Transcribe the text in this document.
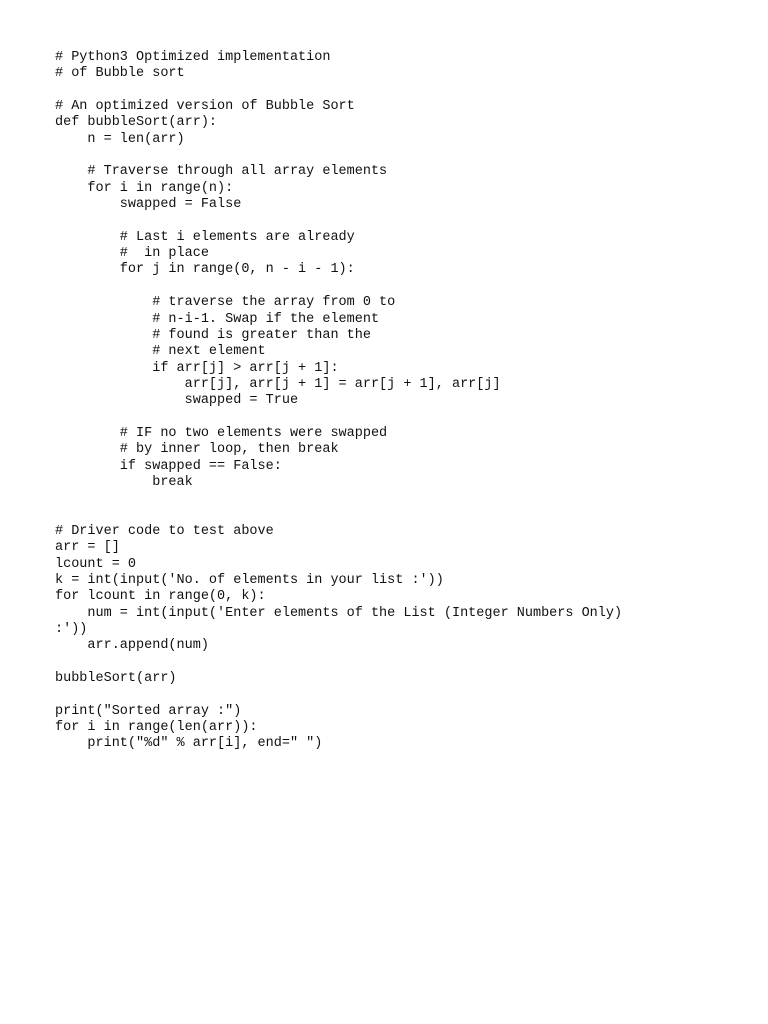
# Python3 Optimized implementation
# of Bubble sort
# An optimized version of Bubble Sort
def bubbleSort(arr):
n = len(arr)
# Traverse through all array elements
for i in range(n):
swapped = False
# Last i elements are already
#  in place
for j in range(0, n - i - 1):
# traverse the array from 0 to
# n-i-1. Swap if the element
# found is greater than the
# next element
if arr[j] > arr[j + 1]:
arr[j], arr[j + 1] = arr[j + 1], arr[j]
swapped = True
# IF no two elements were swapped
# by inner loop, then break
if swapped == False:
break
# Driver code to test above
arr = []
lcount = 0
k = int(input('No. of elements in your list :'))
for lcount in range(0, k):
num = int(input('Enter elements of the List (Integer Numbers Only)
:'))
arr.append(num)
bubbleSort(arr)
print("Sorted array :")
for i in range(len(arr)):
print("%d" % arr[i], end=" ")
